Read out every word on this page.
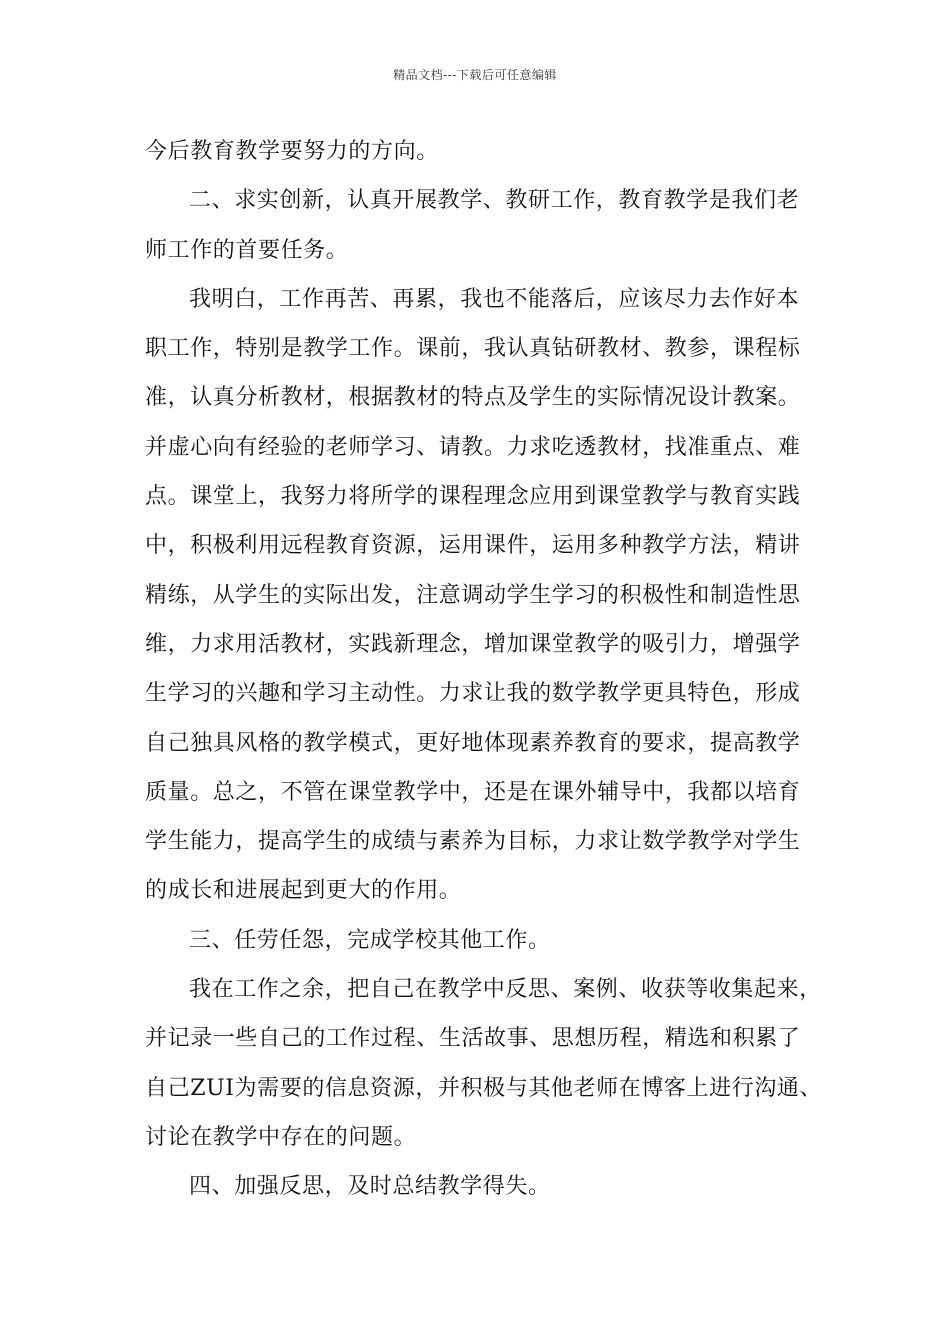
精品文档---下载后可任意编辑
今后教育教学要努力的方向。
二、求实创新，认真开展教学、教研工作，教育教学是我们老
师工作的首要任务。
我明白，工作再苦、再累，我也不能落后，应该尽力去作好本
职工作，特别是教学工作。课前，我认真钻研教材、教参，课程标
准，认真分析教材，根据教材的特点及学生的实际情况设计教案。
并虚心向有经验的老师学习、请教。力求吃透教材，找准重点、难
点。课堂上，我努力将所学的课程理念应用到课堂教学与教育实践
中，积极利用远程教育资源，运用课件，运用多种教学方法，精讲
精练，从学生的实际出发，注意调动学生学习的积极性和制造性思
维，力求用活教材，实践新理念，增加课堂教学的吸引力，增强学
生学习的兴趣和学习主动性。力求让我的数学教学更具特色，形成
自己独具风格的教学模式，更好地体现素养教育的要求，提高教学
质量。总之，不管在课堂教学中，还是在课外辅导中，我都以培育
学生能力，提高学生的成绩与素养为目标，力求让数学教学对学生
的成长和进展起到更大的作用。
三、任劳任怨，完成学校其他工作。
我在工作之余，把自己在教学中反思、案例、收获等收集起来，
并记录一些自己的工作过程、生活故事、思想历程，精选和积累了
自己ZUI为需要的信息资源，并积极与其他老师在博客上进行沟通、
讨论在教学中存在的问题。
四、加强反思，及时总结教学得失。
